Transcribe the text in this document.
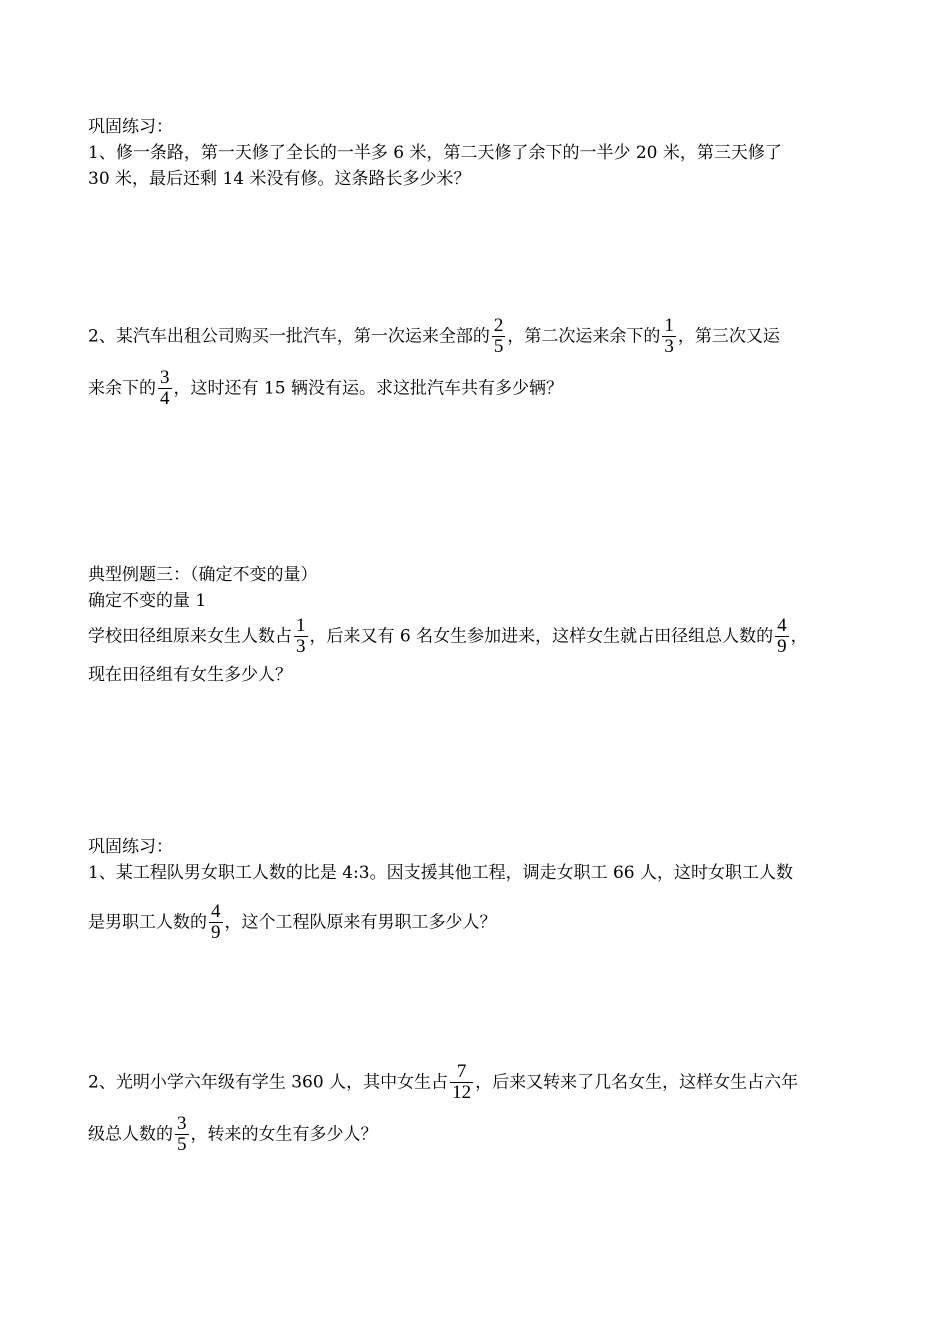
巩固练习：
1、修一条路，第一天修了全长的一半多 6 米，第二天修了余下的一半少 20 米，第三天修了
30 米，最后还剩 14 米没有修。这条路长多少米？
2、某汽车出租公司购买一批汽车，第一次运来全部的 $\frac{2}{5}$ ，第二次运来余下的 $\frac{1}{3}$ ，第三次又运
来余下的 $\frac{3}{4}$ ，这时还有 15 辆没有运。求这批汽车共有多少辆？
典型例题三：（确定不变的量）
确定不变的量 1
学校田径组原来女生人数占 $\frac{1}{3}$ ，后来又有 6 名女生参加进来，这样女生就占田径组总人数的 $\frac{4}{9}$ ，
现在田径组有女生多少人？
巩固练习：
1、某工程队男女职工人数的比是 4:3。因支援其他工程，调走女职工 66 人，这时女职工人数
是男职工人数的 $\frac{4}{9}$ ，这个工程队原来有男职工多少人？
2、光明小学六年级有学生 360 人，其中女生占 $\frac{7}{12}$ ，后来又转来了几名女生，这样女生占六年
级总人数的 $\frac{3}{5}$ ，转来的女生有多少人？
